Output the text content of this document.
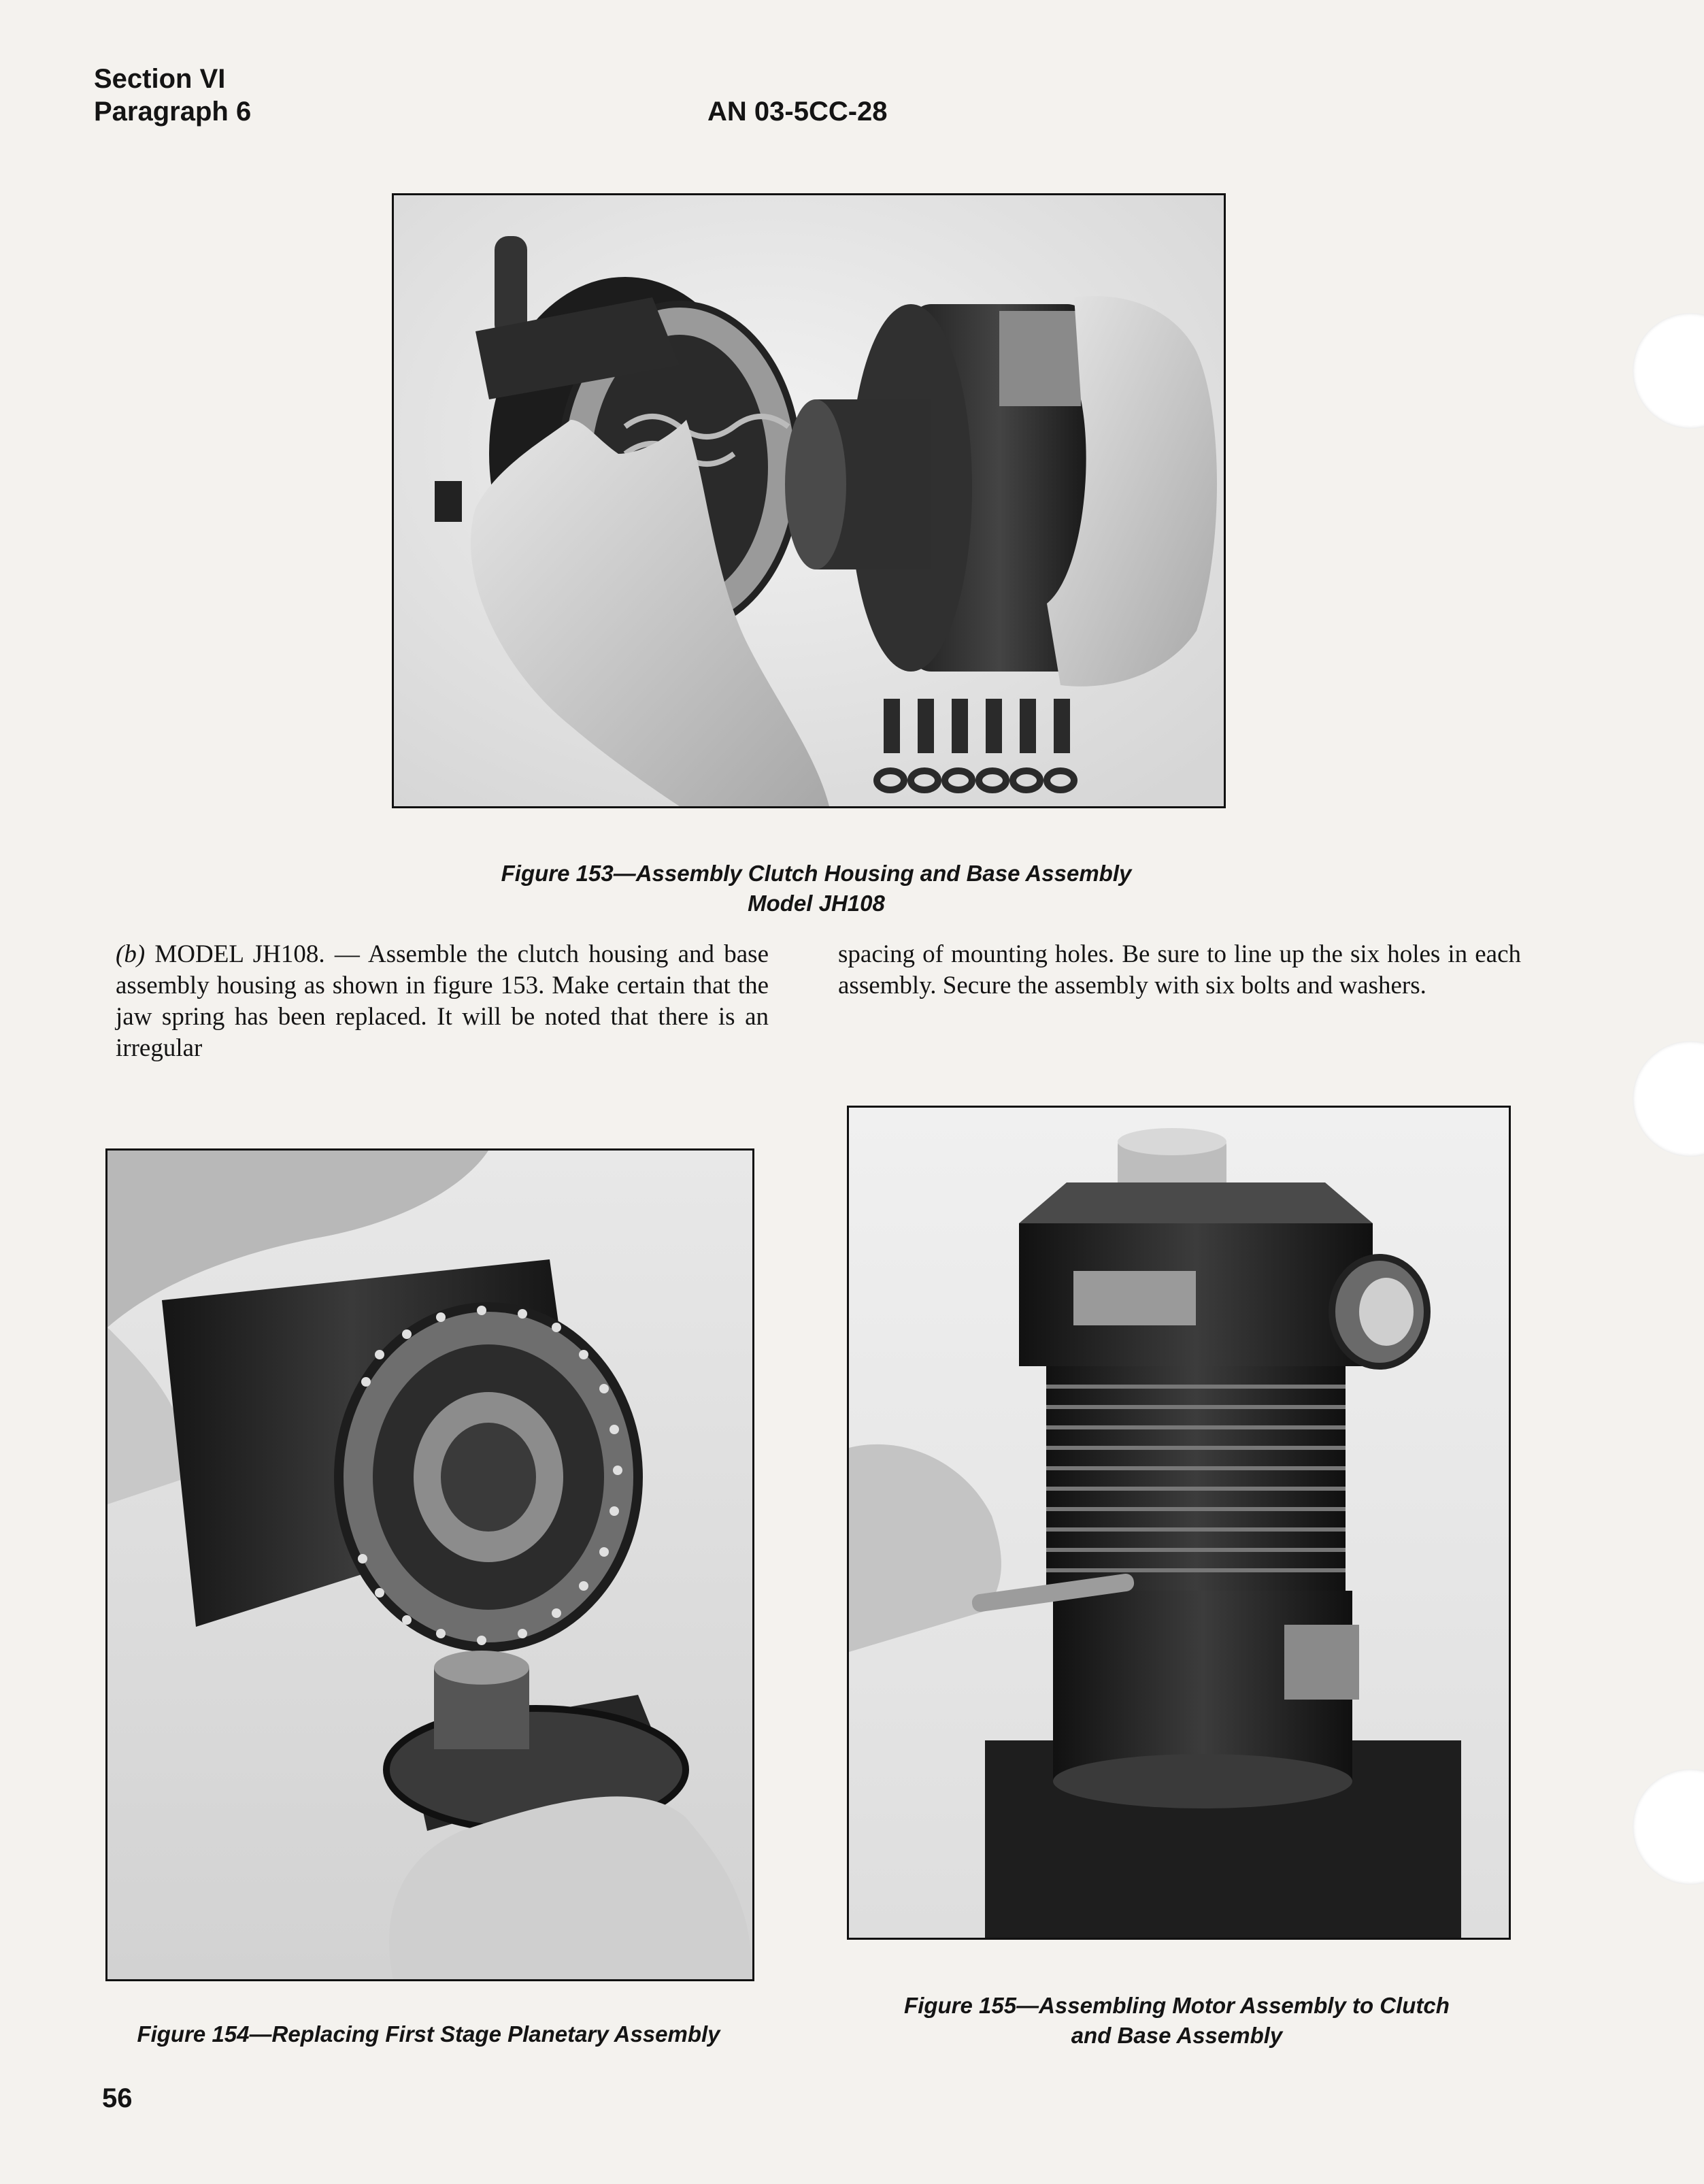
Section VI
Paragraph 6	AN 03-5CC-28
Figure 153—Assembly Clutch Housing and Base Assembly
Model JH108
(b) MODEL JH108. — Assemble the clutch housing and base assembly housing as shown in figure 153. Make certain that the jaw spring has been replaced. It will be noted that there is an irregular
spacing of mounting holes. Be sure to line up the six holes in each assembly. Secure the assembly with six bolts and washers.
Figure 154—Replacing First Stage Planetary Assembly
Figure 155—Assembling Motor Assembly to Clutch
and Base Assembly
56
